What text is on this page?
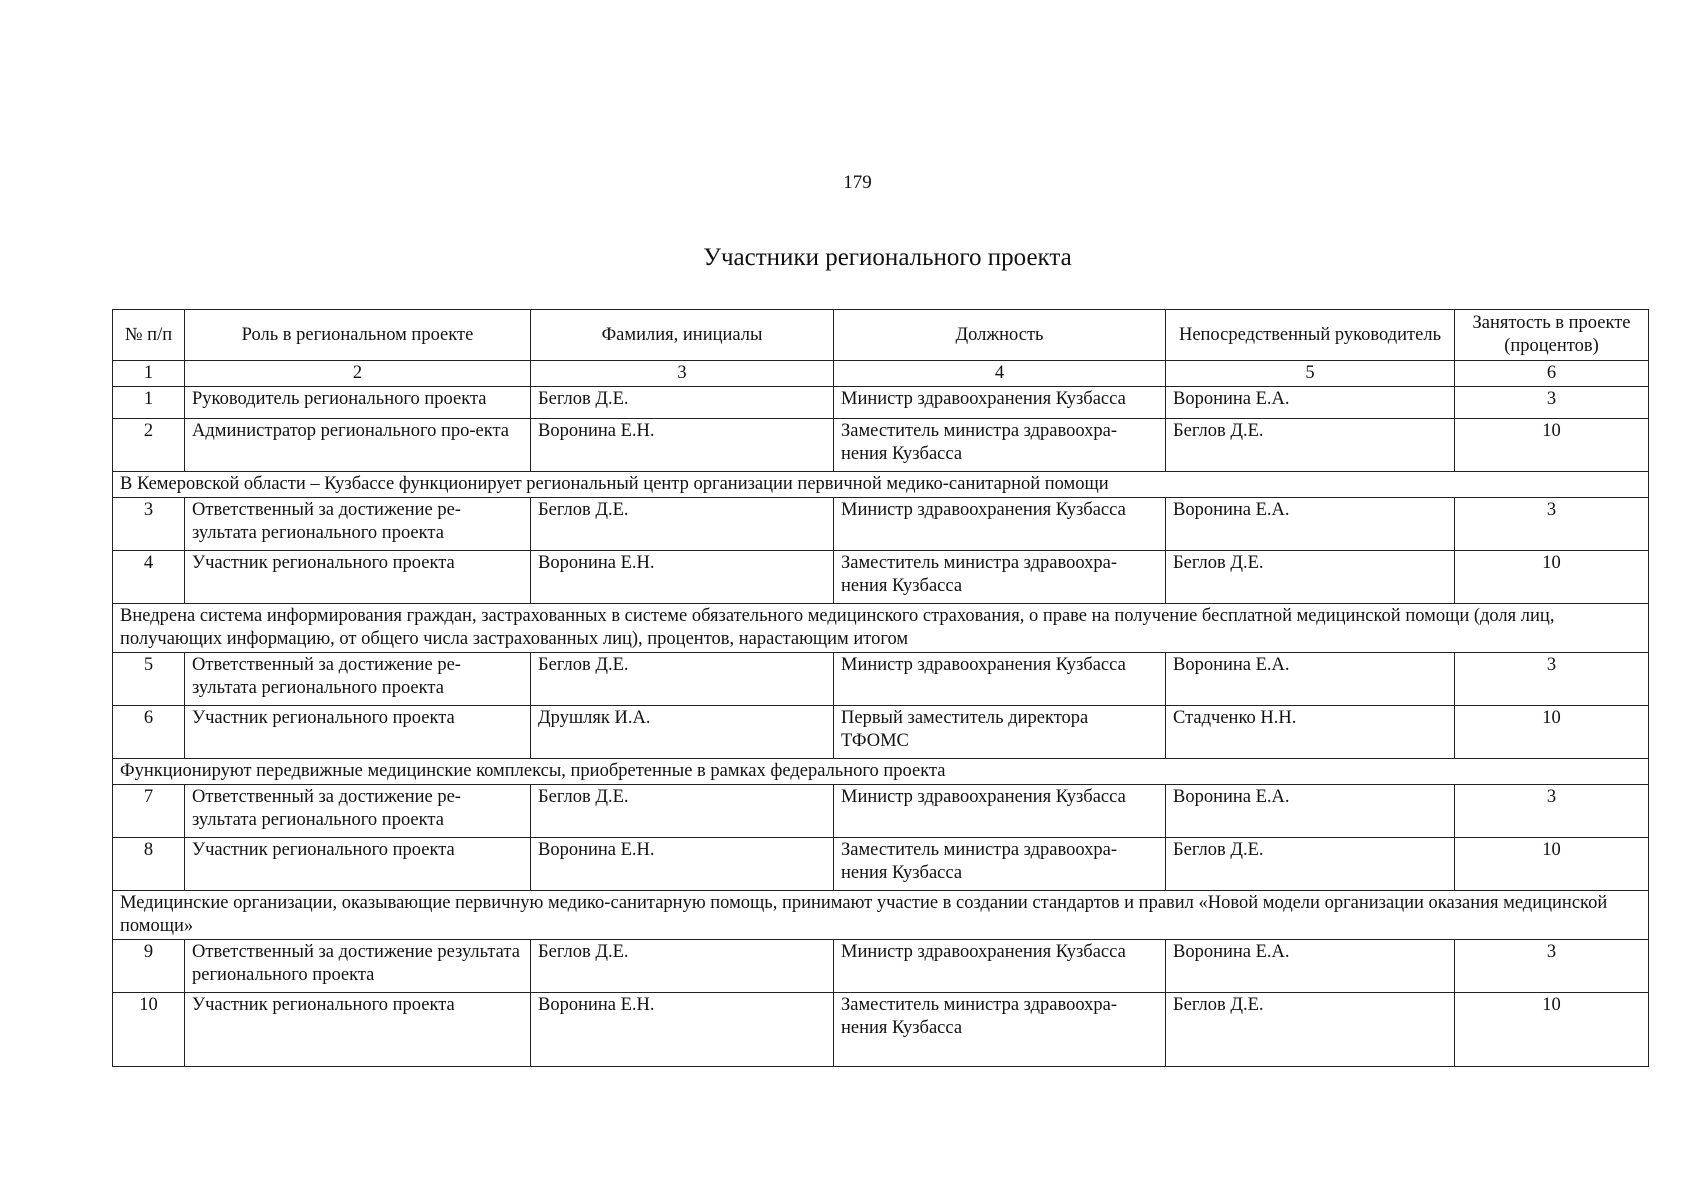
179
Участники регионального проекта
№ п/п	Роль в региональном проекте	Фамилия, инициалы	Должность	Непосредственный руководитель	Занятость в проекте (процентов)
1	2	3	4	5	6
1	Руководитель регионального проекта	Беглов Д.Е.	Министр здравоохранения Кузбасса	Воронина Е.А.	3
2	Администратор регионального про-екта	Воронина Е.Н.	Заместитель министра здравоохра-нения Кузбасса	Беглов Д.Е.	10
В Кемеровской области – Кузбассе функционирует региональный центр организации первичной медико-санитарной помощи					
3	Ответственный за достижение ре-зультата регионального проекта	Беглов Д.Е.	Министр здравоохранения Кузбасса	Воронина Е.А.	3
4	Участник регионального проекта	Воронина Е.Н.	Заместитель министра здравоохра-нения Кузбасса	Беглов Д.Е.	10
Внедрена система информирования граждан, застрахованных в системе обязательного медицинского страхования, о праве на получение бесплатной медицинской помощи (доля лиц, получающих информацию, от общего числа застрахованных лиц), процентов, нарастающим итогом					
5	Ответственный за достижение ре-зультата регионального проекта	Беглов Д.Е.	Министр здравоохранения Кузбасса	Воронина Е.А.	3
6	Участник регионального проекта	Друшляк И.А.	Первый заместитель директора ТФОМС	Стадченко Н.Н.	10
Функционируют передвижные медицинские комплексы, приобретенные в рамках федерального проекта					
7	Ответственный за достижение ре-зультата регионального проекта	Беглов Д.Е.	Министр здравоохранения Кузбасса	Воронина Е.А.	3
8	Участник регионального проекта	Воронина Е.Н.	Заместитель министра здравоохра-нения Кузбасса	Беглов Д.Е.	10
Медицинские организации, оказывающие первичную медико-санитарную помощь, принимают участие в создании стандартов и правил «Новой модели организации оказания медицинской помощи»					
9	Ответственный за достижение результата регионального проекта	Беглов Д.Е.	Министр здравоохранения Кузбасса	Воронина Е.А.	3
10	Участник регионального проекта	Воронина Е.Н.	Заместитель министра здравоохра-нения Кузбасса	Беглов Д.Е.	10
